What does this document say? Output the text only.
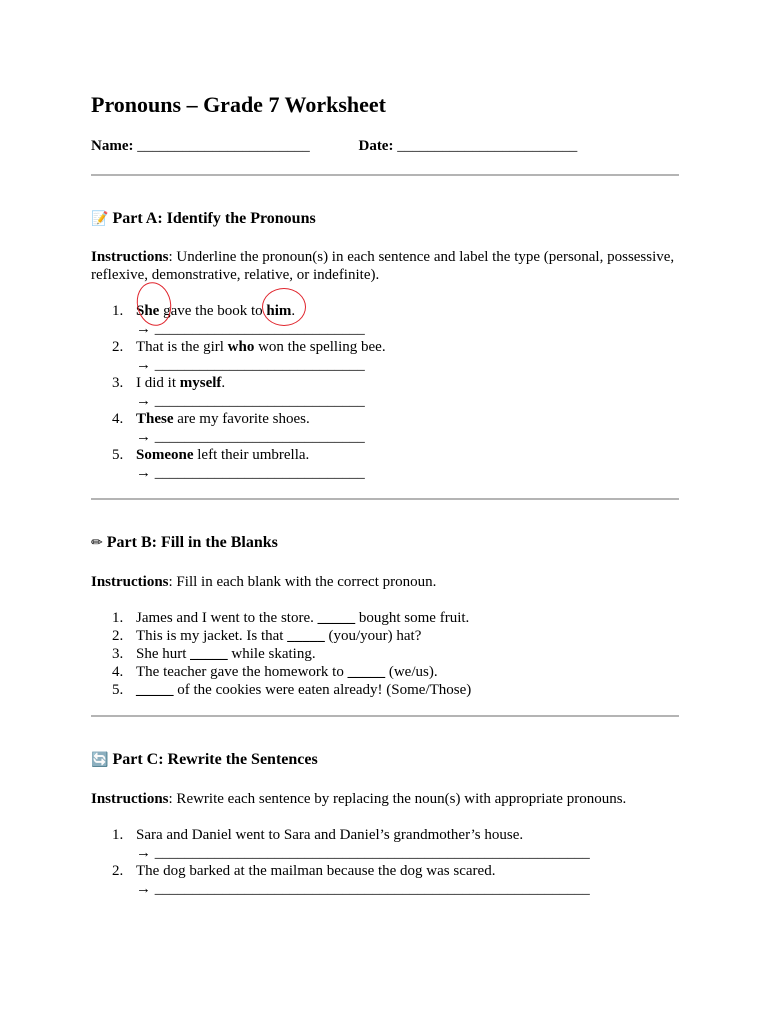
Pronouns – Grade 7 Worksheet
Name: _______________________	Date: ________________________
📝 Part A: Identify the Pronouns

Instructions: Underline the pronoun(s) in each sentence and label the type (personal, possessive, reflexive, demonstrative, relative, or indefinite).

1. She gave the book to him.
→ ____________________________
2. That is the girl who won the spelling bee.
→ ____________________________
3. I did it myself.
→ ____________________________
4. These are my favorite shoes.
→ ____________________________
5. Someone left their umbrella.
→ ____________________________
✏ Part B: Fill in the Blanks

Instructions: Fill in each blank with the correct pronoun.

1. James and I went to the store. _____ bought some fruit.
2. This is my jacket. Is that _____ (you/your) hat?
3. She hurt _____ while skating.
4. The teacher gave the homework to _____ (we/us).
5. _____ of the cookies were eaten already! (Some/Those)
🔄 Part C: Rewrite the Sentences

Instructions: Rewrite each sentence by replacing the noun(s) with appropriate pronouns.

1. Sara and Daniel went to Sara and Daniel’s grandmother’s house.
→ __________________________________________________________
2. The dog barked at the mailman because the dog was scared.
→ __________________________________________________________
